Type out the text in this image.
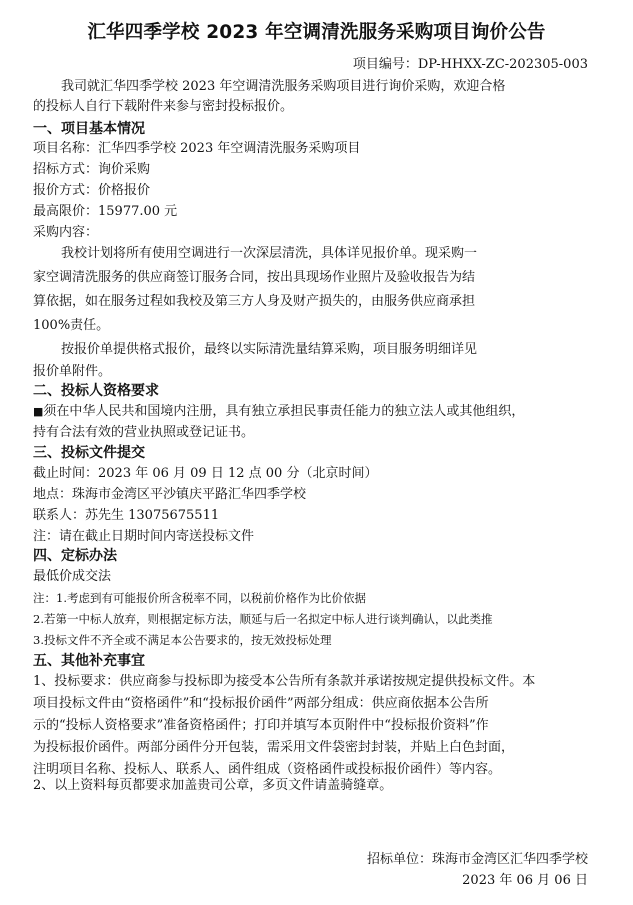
汇华四季学校 2023 年空调清洗服务采购项目询价公告

项目编号：DP-HHXX-ZC-202305-003

我司就汇华四季学校 2023 年空调清洗服务采购项目进行询价采购，欢迎合格

的投标人自行下载附件来参与密封投标报价。

一、项目基本情况

项目名称：汇华四季学校 2023 年空调清洗服务采购项目

招标方式：询价采购

报价方式：价格报价

最高限价：15977.00 元

采购内容：

我校计划将所有使用空调进行一次深层清洗，具体详见报价单。现采购一

家空调清洗服务的供应商签订服务合同，按出具现场作业照片及验收报告为结

算依据，如在服务过程如我校及第三方人身及财产损失的，由服务供应商承担

100%责任。

按报价单提供格式报价，最终以实际清洗量结算采购，项目服务明细详见

报价单附件。

二、投标人资格要求

■须在中华人民共和国境内注册，具有独立承担民事责任能力的独立法人或其他组织，

持有合法有效的营业执照或登记证书。

三、投标文件提交

截止时间：2023 年 06 月 09 日 12 点 00 分（北京时间）

地点：珠海市金湾区平沙镇庆平路汇华四季学校

联系人：苏先生 13075675511

注：请在截止日期时间内寄送投标文件

四、定标办法

最低价成交法

注：1.考虑到有可能报价所含税率不同，以税前价格作为比价依据

2.若第一中标人放弃，则根据定标方法，顺延与后一名拟定中标人进行谈判确认，以此类推

3.投标文件不齐全或不满足本公告要求的，按无效投标处理

五、其他补充事宜

1、投标要求：供应商参与投标即为接受本公告所有条款并承诺按规定提供投标文件。本

项目投标文件由“资格函件”和“投标报价函件”两部分组成：供应商依据本公告所

示的“投标人资格要求”准备资格函件；打印并填写本页附件中“投标报价资料”作

为投标报价函件。两部分函件分开包装，需采用文件袋密封封装，并贴上白色封面，

注明项目名称、投标人、联系人、函件组成（资格函件或投标报价函件）等内容。

2、以上资料每页都要求加盖贵司公章，多页文件请盖骑缝章。

招标单位：珠海市金湾区汇华四季学校

2023 年 06 月 06 日
